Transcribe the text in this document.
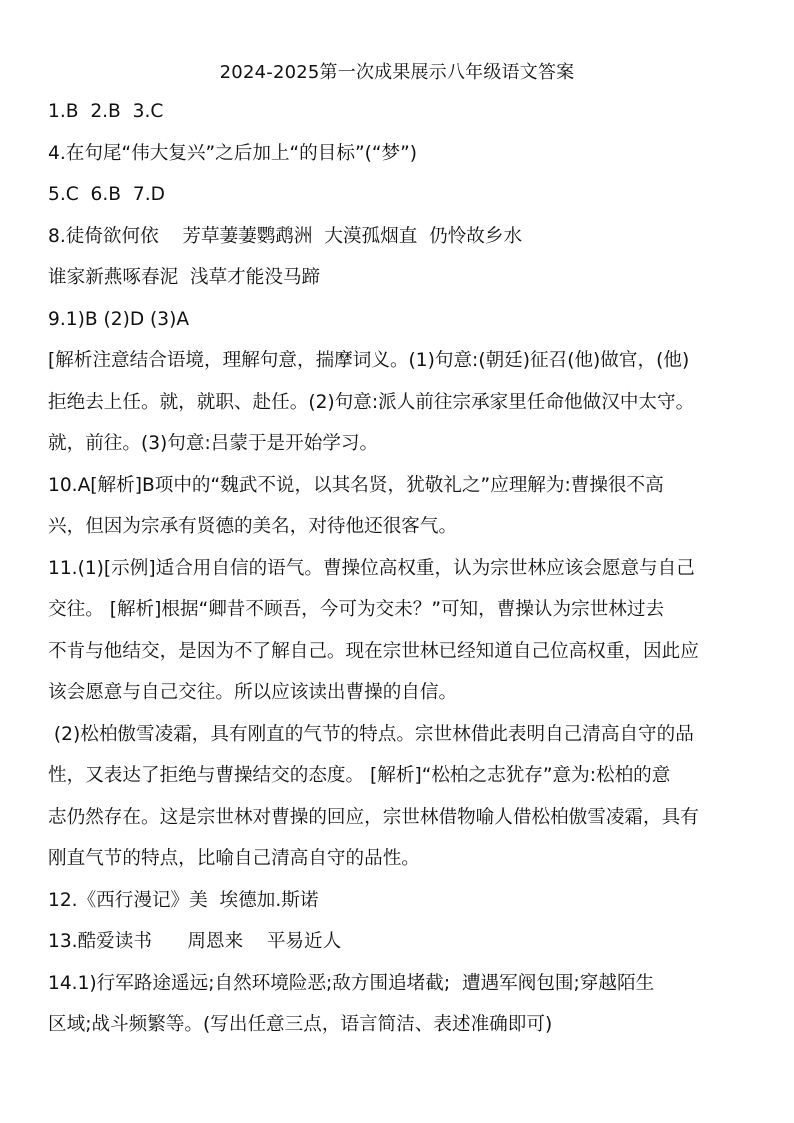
2024-2025第一次成果展示八年级语文答案
1.B  2.B  3.C
4.在句尾“伟大复兴”之后加上“的目标”(“梦”)
5.C  6.B  7.D
8.徒倚欲何依    芳草萋萋鹦鹉洲  大漠孤烟直  仍怜故乡水
谁家新燕啄春泥  浅草才能没马蹄
9.1)B (2)D (3)A
[解析注意结合语境，理解句意，揣摩词义。(1)句意:(朝廷)征召(他)做官，(他)
拒绝去上任。就，就职、赴任。(2)句意:派人前往宗承家里任命他做汉中太守。
就，前往。(3)句意:吕蒙于是开始学习。
10.A[解析]B项中的“魏武不说，以其名贤，犹敬礼之”应理解为:曹操很不高
兴，但因为宗承有贤德的美名，对待他还很客气。
11.(1)[示例]适合用自信的语气。曹操位高权重，认为宗世林应该会愿意与自己
交往。 [解析]根据“卿昔不顾吾，今可为交未？”可知，曹操认为宗世林过去
不肯与他结交，是因为不了解自己。现在宗世林已经知道自己位高权重，因此应
该会愿意与自己交往。所以应该读出曹操的自信。
(2)松柏傲雪凌霜，具有刚直的气节的特点。宗世林借此表明自己清高自守的品
性，又表达了拒绝与曹操结交的态度。 [解析]“松柏之志犹存”意为:松柏的意
志仍然存在。这是宗世林对曹操的回应，宗世林借物喻人借松柏傲雪凌霜，具有
刚直气节的特点，比喻自己清高自守的品性。
12.《西行漫记》美  埃德加.斯诺
13.酷爱读书      周恩来    平易近人
14.1)行军路途遥远;自然环境险恶;敌方围追堵截;  遭遇军阀包围;穿越陌生
区域;战斗频繁等。(写出任意三点，语言简洁、表述准确即可)
